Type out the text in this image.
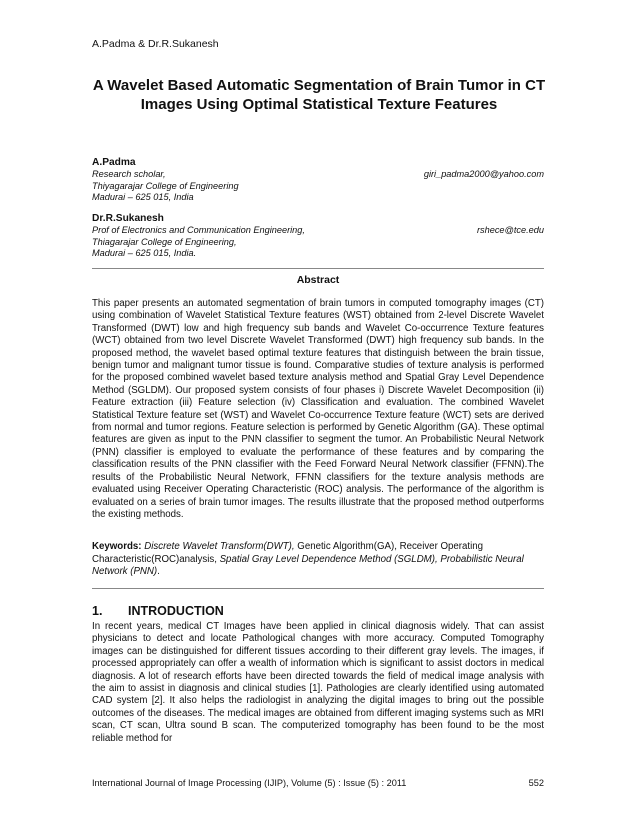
A.Padma & Dr.R.Sukanesh
A Wavelet Based Automatic Segmentation of Brain Tumor in CT Images Using Optimal Statistical Texture Features
A.Padma
Research scholar,	giri_padma2000@yahoo.com
Thiyagarajar College of Engineering
Madurai – 625 015, India
Dr.R.Sukanesh
Prof of Electronics and Communication Engineering,	rshece@tce.edu
Thiagarajar College of Engineering,
Madurai – 625 015, India.
Abstract

This paper presents an automated segmentation of brain tumors in computed tomography images (CT) using combination of Wavelet Statistical Texture features (WST) obtained from 2-level Discrete Wavelet Transformed (DWT) low and high frequency sub bands and Wavelet Co-occurrence Texture features (WCT) obtained from two level Discrete Wavelet Transformed (DWT) high frequency sub bands. In the proposed method, the wavelet based optimal texture features that distinguish between the brain tissue, benign tumor and malignant tumor tissue is found. Comparative studies of texture analysis is performed for the proposed combined wavelet based texture analysis method and Spatial Gray Level Dependence Method (SGLDM). Our proposed system consists of four phases i) Discrete Wavelet Decomposition (ii) Feature extraction (iii) Feature selection (iv) Classification and evaluation. The combined Wavelet Statistical Texture feature set (WST) and Wavelet Co-occurrence Texture feature (WCT) sets are derived from normal and tumor regions. Feature selection is performed by Genetic Algorithm (GA). These optimal features are given as input to the PNN classifier to segment the tumor. An Probabilistic Neural Network (PNN) classifier is employed to evaluate the performance of these features and by comparing the classification results of the PNN classifier with the Feed Forward Neural Network classifier (FFNN).The results of the Probabilistic Neural Network, FFNN classifiers for the texture analysis methods are evaluated using Receiver Operating Characteristic (ROC) analysis. The performance of the algorithm is evaluated on a series of brain tumor images. The results illustrate that the proposed method outperforms the existing methods.

Keywords: Discrete Wavelet Transform(DWT), Genetic Algorithm(GA), Receiver Operating Characteristic(ROC)analysis, Spatial Gray Level Dependence Method (SGLDM), Probabilistic Neural Network (PNN).

1. INTRODUCTION

In recent years, medical CT Images have been applied in clinical diagnosis widely. That can assist physicians to detect and locate Pathological changes with more accuracy. Computed Tomography images can be distinguished for different tissues according to their different gray levels. The images, if processed appropriately can offer a wealth of information which is significant to assist doctors in medical diagnosis. A lot of research efforts have been directed towards the field of medical image analysis with the aim to assist in diagnosis and clinical studies [1]. Pathologies are clearly identified using automated CAD system [2]. It also helps the radiologist in analyzing the digital images to bring out the possible outcomes of the diseases. The medical images are obtained from different imaging systems such as MRI scan, CT scan, Ultra sound B scan. The computerized tomography has been found to be the most reliable method for

International Journal of Image Processing (IJIP), Volume (5) : Issue (5) : 2011	552
